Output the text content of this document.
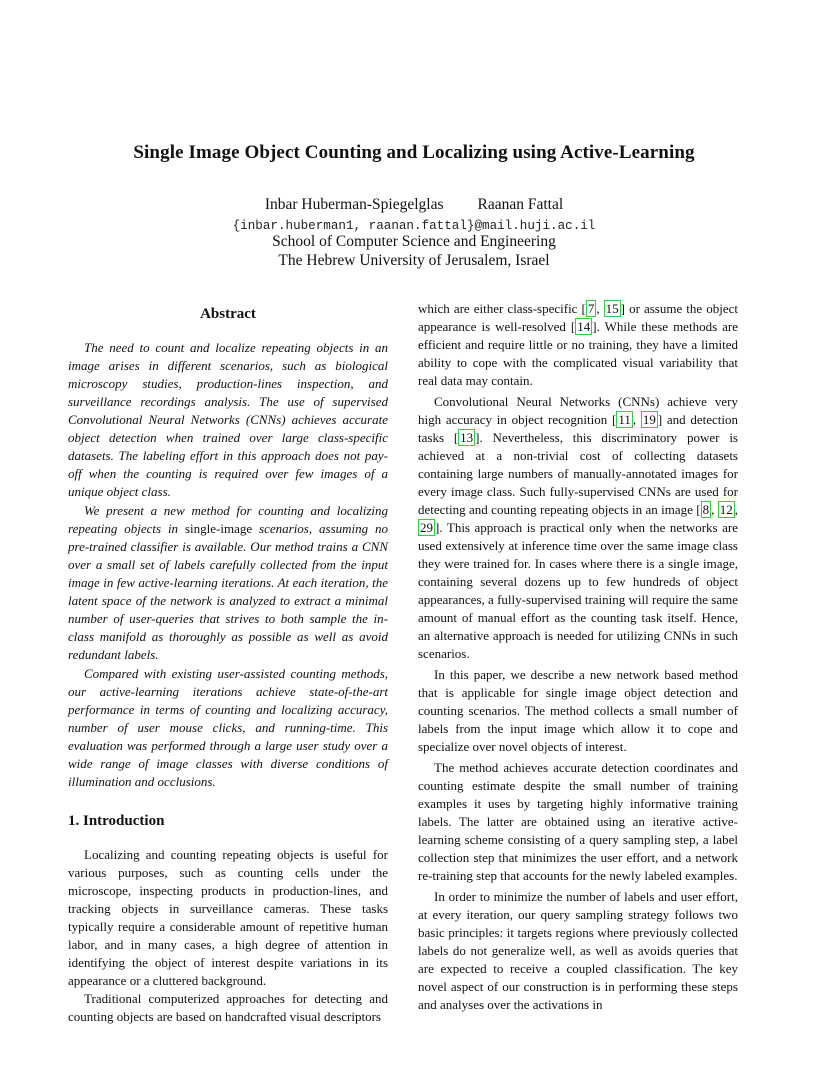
Single Image Object Counting and Localizing using Active-Learning
Inbar Huberman-Spiegelglas Raanan Fattal
{inbar.huberman1, raanan.fattal}@mail.huji.ac.il
School of Computer Science and Engineering
The Hebrew University of Jerusalem, Israel
Abstract

The need to count and localize repeating objects in an image arises in different scenarios, such as biological microscopy studies, production-lines inspection, and surveillance recordings analysis. The use of supervised Convolutional Neural Networks (CNNs) achieves accurate object detection when trained over large class-specific datasets. The labeling effort in this approach does not pay-off when the counting is required over few images of a unique object class.

We present a new method for counting and localizing repeating objects in single-image scenarios, assuming no pre-trained classifier is available. Our method trains a CNN over a small set of labels carefully collected from the input image in few active-learning iterations. At each iteration, the latent space of the network is analyzed to extract a minimal number of user-queries that strives to both sample the in-class manifold as thoroughly as possible as well as avoid redundant labels.

Compared with existing user-assisted counting methods, our active-learning iterations achieve state-of-the-art performance in terms of counting and localizing accuracy, number of user mouse clicks, and running-time. This evaluation was performed through a large user study over a wide range of image classes with diverse conditions of illumination and occlusions.

1. Introduction

Localizing and counting repeating objects is useful for various purposes, such as counting cells under the microscope, inspecting products in production-lines, and tracking objects in surveillance cameras. These tasks typically require a considerable amount of repetitive human labor, and in many cases, a high degree of attention in identifying the object of interest despite variations in its appearance or a cluttered background.

Traditional computerized approaches for detecting and counting objects are based on handcrafted visual descriptors

which are either class-specific [ 7 , 15 ] or assume the object appearance is well-resolved [ 14 ]. While these methods are efficient and require little or no training, they have a limited ability to cope with the complicated visual variability that real data may contain.

Convolutional Neural Networks (CNNs) achieve very high accuracy in object recognition [ 11 , 19 ] and detection tasks [ 13 ]. Nevertheless, this discriminatory power is achieved at a non-trivial cost of collecting datasets containing large numbers of manually-annotated images for every image class. Such fully-supervised CNNs are used for detecting and counting repeating objects in an image [ 8 , 12 , 29 ]. This approach is practical only when the networks are used extensively at inference time over the same image class they were trained for. In cases where there is a single image, containing several dozens up to few hundreds of object appearances, a fully-supervised training will require the same amount of manual effort as the counting task itself. Hence, an alternative approach is needed for utilizing CNNs in such scenarios.

In this paper, we describe a new network based method that is applicable for single image object detection and counting scenarios. The method collects a small number of labels from the input image which allow it to cope and specialize over novel objects of interest.

The method achieves accurate detection coordinates and counting estimate despite the small number of training examples it uses by targeting highly informative training labels. The latter are obtained using an iterative active-learning scheme consisting of a query sampling step, a label collection step that minimizes the user effort, and a network re-training step that accounts for the newly labeled examples.

In order to minimize the number of labels and user effort, at every iteration, our query sampling strategy follows two basic principles: it targets regions where previously collected labels do not generalize well, as well as avoids queries that are expected to receive a coupled classification. The key novel aspect of our construction is in performing these steps and analyses over the activations in
